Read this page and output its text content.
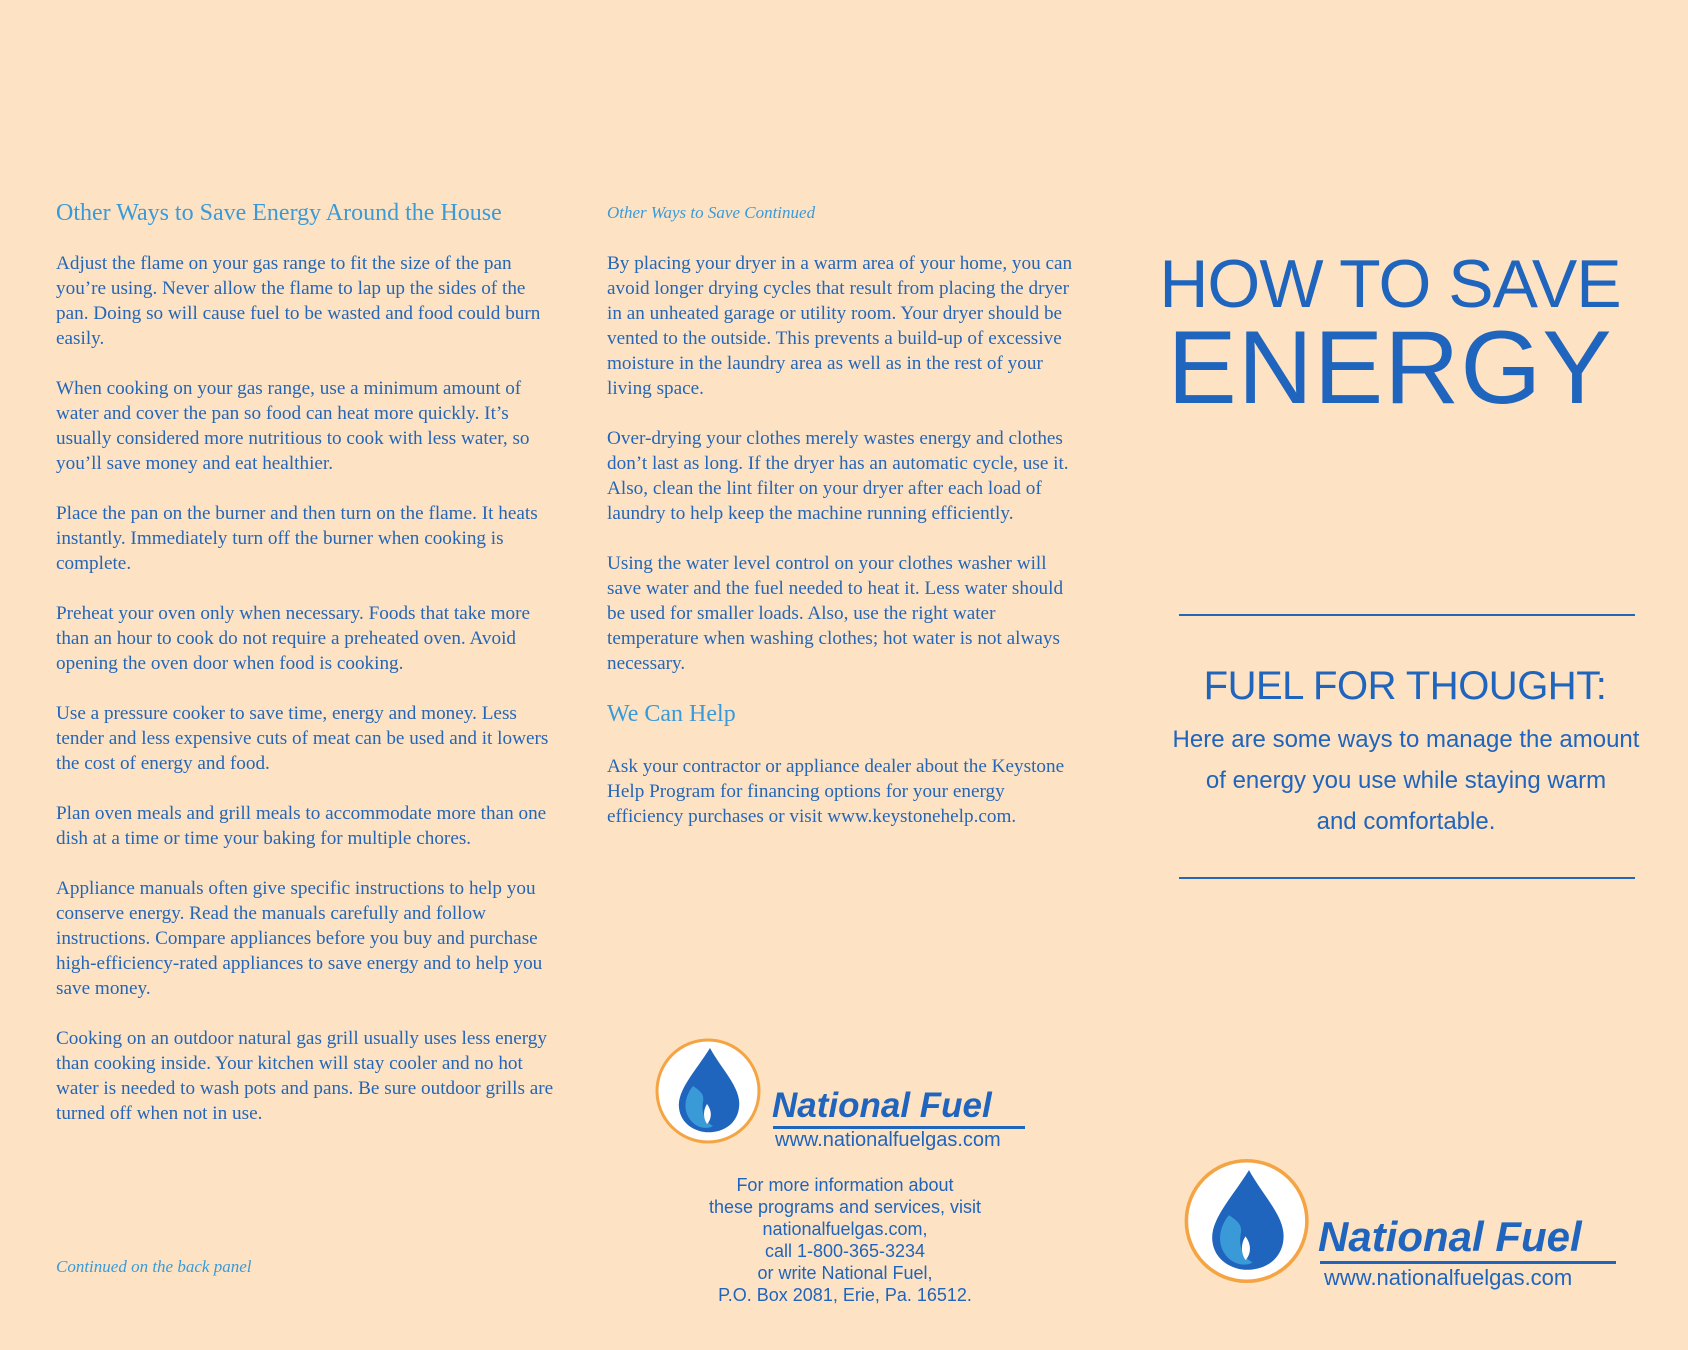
Other Ways to Save Energy Around the House

Adjust the flame on your gas range to fit the size of the pan you’re using. Never allow the flame to lap up the sides of the pan. Doing so will cause fuel to be wasted and food could burn easily.

When cooking on your gas range, use a minimum amount of water and cover the pan so food can heat more quickly. It’s usually considered more nutritious to cook with less water, so you’ll save money and eat healthier.

Place the pan on the burner and then turn on the flame. It heats instantly. Immediately turn off the burner when cooking is complete.

Preheat your oven only when necessary. Foods that take more than an hour to cook do not require a preheated oven. Avoid opening the oven door when food is cooking.

Use a pressure cooker to save time, energy and money. Less tender and less expensive cuts of meat can be used and it lowers the cost of energy and food.

Plan oven meals and grill meals to accommodate more than one dish at a time or time your baking for multiple chores.

Appliance manuals often give specific instructions to help you conserve energy. Read the manuals carefully and follow instructions. Compare appliances before you buy and purchase high-efficiency-rated appliances to save energy and to help you save money.

Cooking on an outdoor natural gas grill usually uses less energy than cooking inside. Your kitchen will stay cooler and no hot water is needed to wash pots and pans. Be sure outdoor grills are turned off when not in use.

Continued on the back panel
Other Ways to Save Continued

By placing your dryer in a warm area of your home, you can avoid longer drying cycles that result from placing the dryer in an unheated garage or utility room. Your dryer should be vented to the outside. This prevents a build-up of excessive moisture in the laundry area as well as in the rest of your living space.

Over-drying your clothes merely wastes energy and clothes don’t last as long. If the dryer has an automatic cycle, use it. Also, clean the lint filter on your dryer after each load of laundry to help keep the machine running efficiently.

Using the water level control on your clothes washer will save water and the fuel needed to heat it. Less water should be used for smaller loads. Also, use the right water temperature when washing clothes; hot water is not always necessary.

We Can Help

Ask your contractor or appliance dealer about the Keystone Help Program for financing options for your energy efficiency purchases or visit www.keystonehelp.com.

National Fuel
www.nationalfuelgas.com
For more information about
these programs and services, visit
nationalfuelgas.com,
call 1-800-365-3234
or write National Fuel,
P.O. Box 2081, Erie, Pa. 16512.
HOW TO SAVE
ENERGY
FUEL FOR THOUGHT:
Here are some ways to manage the amount
of energy you use while staying warm
and comfortable.
National Fuel
www.nationalfuelgas.com
